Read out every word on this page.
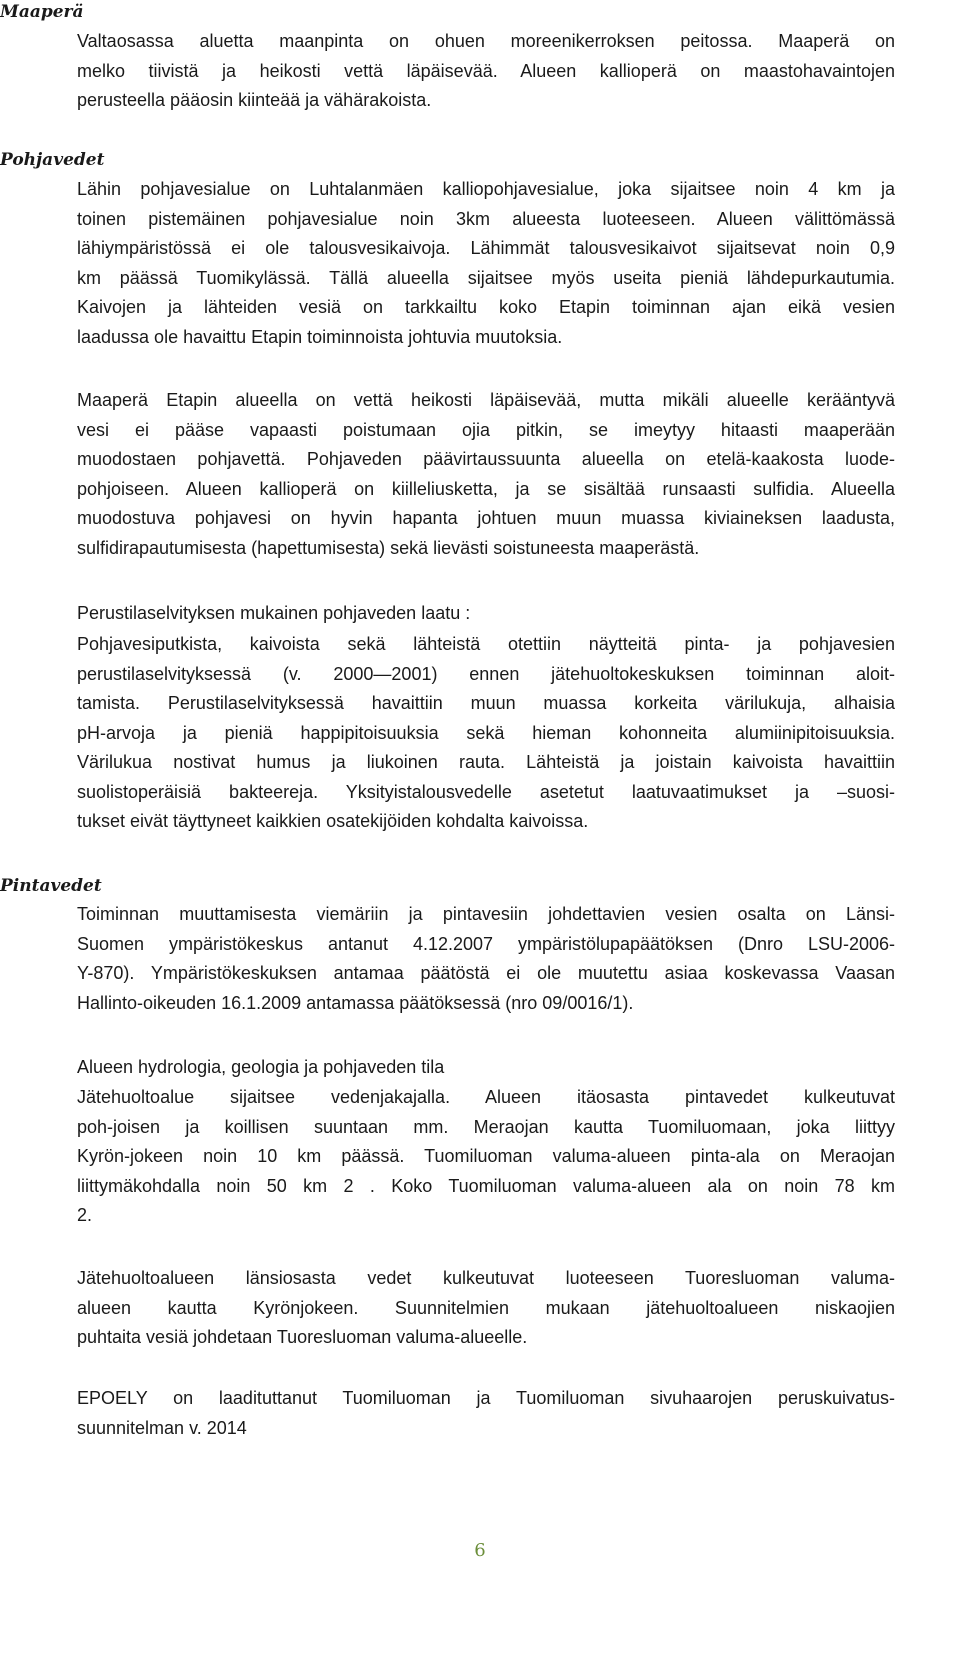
Maaperä
Valtaosassa aluetta maanpinta on ohuen moreenikerroksen peitossa. Maaperä on
melko tiivistä ja heikosti vettä läpäisevää. Alueen kallioperä on maastohavaintojen
perusteella pääosin kiinteää ja vähärakoista.
Pohjavedet
Lähin pohjavesialue on Luhtalanmäen kalliopohjavesialue, joka sijaitsee noin 4 km ja
toinen pistemäinen pohjavesialue noin 3km alueesta luoteeseen. Alueen välittömässä
lähiympäristössä ei ole talousvesikaivoja. Lähimmät talousvesikaivot sijaitsevat noin 0,9
km päässä Tuomikylässä. Tällä alueella sijaitsee myös useita pieniä lähdepurkautumia.
Kaivojen ja lähteiden vesiä on tarkkailtu koko Etapin toiminnan ajan eikä vesien
laadussa ole havaittu Etapin toiminnoista johtuvia muutoksia.
Maaperä Etapin alueella on vettä heikosti läpäisevää, mutta mikäli alueelle kerääntyvä
vesi ei pääse vapaasti poistumaan ojia pitkin, se imeytyy hitaasti maaperään
muodostaen pohjavettä. Pohjaveden päävirtaussuunta alueella on etelä-kaakosta luode-
pohjoiseen. Alueen kallioperä on kiilleliusketta, ja se sisältää runsaasti sulfidia. Alueella
muodostuva pohjavesi on hyvin hapanta johtuen muun muassa kiviaineksen laadusta,
sulfidirapautumisesta (hapettumisesta) sekä lievästi soistuneesta maaperästä.
Perustilaselvityksen mukainen pohjaveden laatu :
Pohjavesiputkista, kaivoista sekä lähteistä otettiin näytteitä pinta- ja pohjavesien
perustilaselvityksessä (v. 2000—2001) ennen jätehuoltokeskuksen toiminnan aloit-
tamista. Perustilaselvityksessä havaittiin muun muassa korkeita värilukuja, alhaisia
pH-arvoja ja pieniä happipitoisuuksia sekä hieman kohonneita alumiinipitoisuuksia.
Värilukua nostivat humus ja liukoinen rauta. Lähteistä ja joistain kaivoista havaittiin
suolistoperäisiä bakteereja. Yksityistalousvedelle asetetut laatuvaatimukset ja –suosi-
tukset eivät täyttyneet kaikkien osatekijöiden kohdalta kaivoissa.
Pintavedet
Toiminnan muuttamisesta viemäriin ja pintavesiin johdettavien vesien osalta on Länsi-
Suomen ympäristökeskus antanut 4.12.2007 ympäristölupapäätöksen (Dnro LSU-2006-
Y-870). Ympäristökeskuksen antamaa päätöstä ei ole muutettu asiaa koskevassa Vaasan
Hallinto-oikeuden 16.1.2009 antamassa päätöksessä (nro 09/0016/1).
Alueen hydrologia, geologia ja pohjaveden tila
Jätehuoltoalue sijaitsee vedenjakajalla. Alueen itäosasta pintavedet kulkeutuvat
poh-joisen ja koillisen suuntaan mm. Meraojan kautta Tuomiluomaan, joka liittyy
Kyrön-jokeen noin 10 km päässä. Tuomiluoman valuma-alueen pinta-ala on Meraojan
liittymäkohdalla noin 50 km 2 . Koko Tuomiluoman valuma-alueen ala on noin 78 km
2.
Jätehuoltoalueen länsiosasta vedet kulkeutuvat luoteeseen Tuoresluoman valuma-
alueen kautta Kyrönjokeen. Suunnitelmien mukaan jätehuoltoalueen niskaojien
puhtaita vesiä johdetaan Tuoresluoman valuma-alueelle.
EPOELY on laadituttanut Tuomiluoman ja Tuomiluoman sivuhaarojen peruskuivatus-
suunnitelman v. 2014
6
